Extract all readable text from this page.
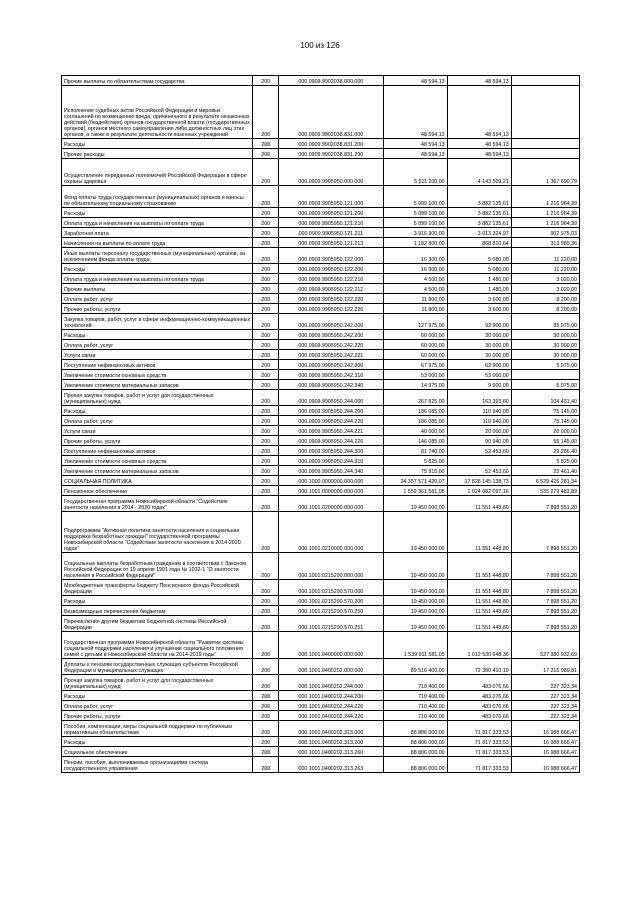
100 из 126
Прочие выплаты по обязательствам государства	200	000.0909.9902038.000.000	48 594,13	48 594,13	
Исполнение судебных актов Российской Федерации и мировых соглашений по возмещению вреда, причиненного в результате незаконных действий (бездействия) органов государственной власти (государственных органов), органов местного самоуправления либо должностных лиц этих органов, а также в результате деятельности казенных учреждений	200	000.0909.9902038.831.000	48 594,13	48 594,13	
Расходы	200	000.0909.9902038.831.200	48 594,13	48 594,13	
Прочие расходы	200	000.0909.9902038.831.290	48 594,13	48 594,13	
Осуществление переданных полномочий Российской Федерации в сфере охраны здоровья	200	000.0909.9905950.000.000	5 511 200,00	4 143 509,21	1 367 690,79
Фонд оплаты труда государственных (муниципальных) органов и взносы по обязательному социальному страхованию	200	000.0909.9905950.121.000	5 099 100,00	3 882 135,61	1 216 964,39
Расходы	200	000.0909.9905950.121.200	5 099 100,00	3 882 135,61	1 216 964,39
Оплата труда и начисления на выплаты по оплате труда	200	000.0909.9905950.121.210	5 099 100,00	3 882 135,61	1 216 964,39
Заработная плата	200	000.0909.9905950.121.211	3 916 300,00	3 013 324,97	902 975,03
Начисления на выплаты по оплате труда	200	000.0909.9905950.121.213	1 182 800,00	868 810,64	313 989,36
Иные выплаты персоналу государственных (муниципальных) органов, за исключением фонда оплаты труда	200	000.0909.9905950.122.000	16 300,00	5 080,00	11 220,00
Расходы	200	000.0909.9905950.122.200	16 300,00	5 080,00	11 220,00
Оплата труда и начисления на выплаты по оплате труда	200	000.0909.9905950.122.210	4 500,00	1 480,00	3 020,00
Прочие выплаты	200	000.0909.9905950.122.212	4 500,00	1 480,00	3 020,00
Оплата работ, услуг	200	000.0909.9905950.122.220	11 800,00	3 600,00	8 200,00
Прочие работы, услуги	200	000.0909.9905950.122.226	11 800,00	3 600,00	8 200,00
Закупка товаров, работ, услуг в сфере информационно-коммуникационных технологий	200	000.0909.9905950.242.000	127 975,00	92 900,00	35 075,00
Расходы	200	000.0909.9905950.242.200	60 000,00	30 000,00	30 000,00
Оплата работ, услуг	200	000.0909.9905950.242.220	60 000,00	30 000,00	30 000,00
Услуги связи	200	000.0909.9905950.242.221	60 000,00	30 000,00	30 000,00
Поступление нефинансовых активов	200	000.0909.9905950.242.300	67 975,00	62 900,00	5 075,00
Увеличение стоимости основных средств	200	000.0909.9905950.242.310	53 000,00	53 000,00	
Увеличение стоимости материальных запасов	200	000.0909.9905950.242.340	14 975,00	9 900,00	5 075,00
Прочая закупка товаров, работ и услуг для государственных (муниципальных) нужд	200	000.0909.9905950.244.000	267 825,00	163 393,60	104 431,40
Расходы	200	000.0909.9905950.244.200	186 085,00	110 940,00	75 145,00
Оплата работ, услуг	200	000.0909.9905950.244.220	186 085,00	110 940,00	75 145,00
Услуги связи	200	000.0909.9905950.244.221	40 000,00	20 000,00	20 000,00
Прочие работы, услуги	200	000.0909.9905950.244.226	146 085,00	90 940,00	55 145,00
Поступление нефинансовых активов	200	000.0909.9905950.244.300	81 740,00	52 453,60	29 286,40
Увеличение стоимости основных средств	200	000.0909.9905950.244.310	5 825,00		5 825,00
Увеличение стоимости материальных запасов	200	000.0909.9905950.244.340	75 915,00	52 453,60	23 461,40
СОЦИАЛЬНАЯ ПОЛИТИКА	200	000.1000.0000000.000.000	24 357 571 420,07	17 828 145 138,73	6 529 426 281,34
Пенсионное обеспечение	200	000.1001.0000000.000.000	1 559 361 581,05	1 024 082 097,16	535 279 483,89
Государственная программа Новосибирской области "Содействие занятости населения в 2014 - 2020 годах"	200	000.1001.0200000.000.000	19 450 000,00	11 551 448,80	7 898 551,20
Подпрограмма "Активная политика занятости населения и социальная поддержка безработных граждан" государственной программы Новосибирской области "Содействие занятости населения в 2014-2020 годах"	200	000.1001.0210000.000.000	19 450 000,00	11 551 448,80	7 898 551,20
Социальные выплаты безработным гражданам в соответствии с Законом Российской Федерации от 19 апреля 1991 года № 1032-1 "О занятости населения в Российской Федерации"	200	000.1001.0215290.000.000	19 450 000,00	11 551 448,80	7 898 551,20
Межбюджетные трансферты бюджету Пенсионного фонда Российской Федерации	200	000.1001.0215290.570.000	19 450 000,00	11 551 448,80	7 898 551,20
Расходы	200	000.1001.0215290.570.200	19 450 000,00	11 551 448,80	7 898 551,20
Безвозмездные перечисления бюджетам	200	000.1001.0215290.570.250	19 450 000,00	11 551 448,80	7 898 551,20
Перечисления другим бюджетам бюджетной системы Российской Федерации	200	000.1001.0215290.570.251	19 450 000,00	11 551 448,80	7 898 551,20
Государственная программа Новосибирской области "Развитие системы социальной поддержки населения и улучшение социального положения семей с детьми в Новосибирской области на 2014-2019 годы"	200	000.1001.0400000.000.000	1 539 911 581,05	1 012 530 648,36	527 380 932,69
Доплаты к пенсиям государственных служащих субъектов Российской Федерации и муниципальных служащих	200	000.1001.0400202.000.000	89 516 400,00	72 300 410,19	17 215 989,81
Прочая закупка товаров, работ и услуг для государственных (муниципальных) нужд	200	000.1001.0400202.244.000	710 400,00	483 076,66	227 323,34
Расходы	200	000.1001.0400202.244.200	710 400,00	483 076,66	227 323,34
Оплата работ, услуг	200	000.1001.0400202.244.220	710 400,00	483 076,66	227 323,34
Прочие работы, услуги	200	000.1001.0400202.244.226	710 400,00	483 076,66	227 323,34
Пособия, компенсации, меры социальной поддержки по публичным нормативным обязательствам	200	000.1001.0400202.313.000	88 806 000,00	71 817 333,53	16 988 666,47
Расходы	200	000.1001.0400202.313.200	88 806 000,00	71 817 333,53	16 988 666,47
Социальное обеспечение	200	000.1001.0400202.313.260	88 806 000,00	71 817 333,53	16 988 666,47
Пенсии, пособия, выплачиваемые организациями сектора государственного управления	200	000.1001.0400202.313.263	88 806 000,00	71 817 333,53	16 988 666,47
